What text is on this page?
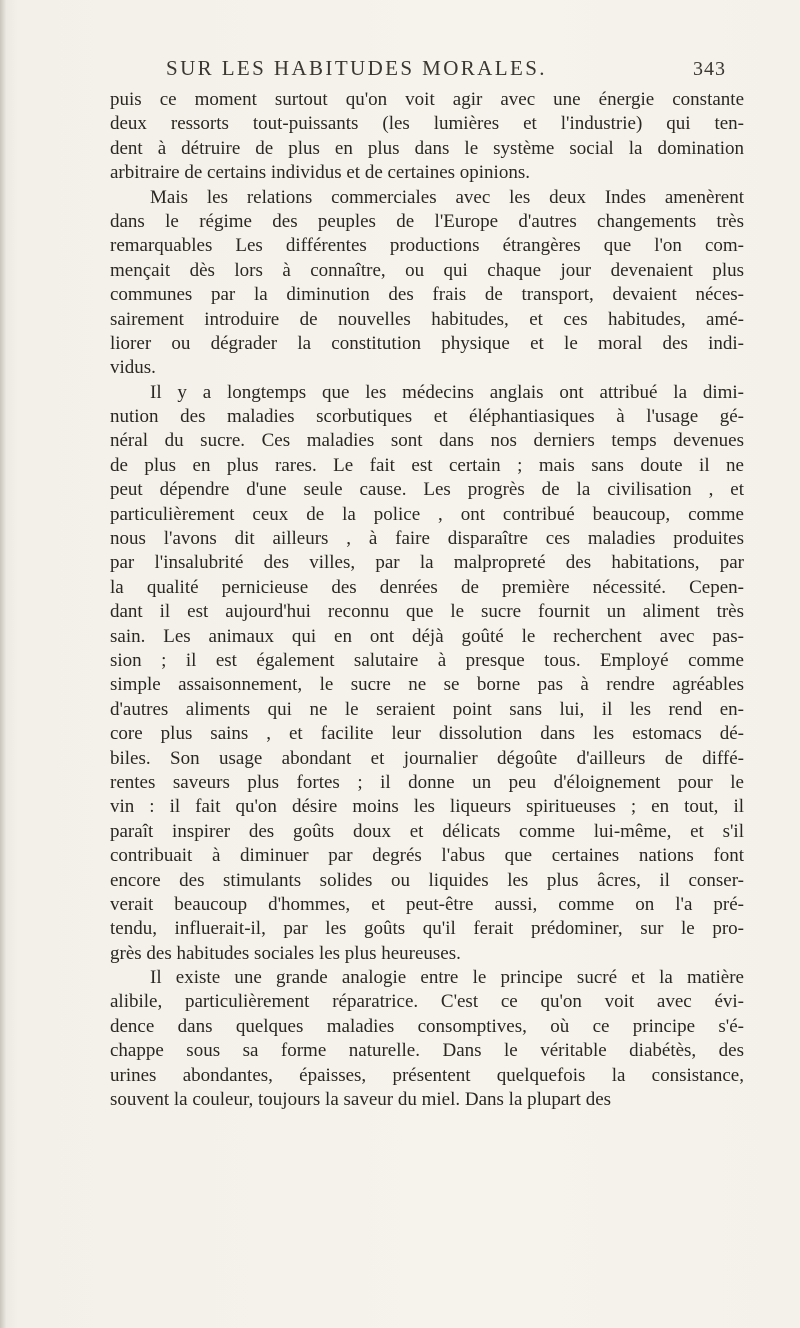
SUR LES HABITUDES MORALES.	343
puis ce moment surtout qu'on voit agir avec une énergie constante
deux ressorts tout-puissants (les lumières et l'industrie) qui ten-
dent à détruire de plus en plus dans le système social la domination
arbitraire de certains individus et de certaines opinions.
Mais les relations commerciales avec les deux Indes amenèrent
dans le régime des peuples de l'Europe d'autres changements très
remarquables Les différentes productions étrangères que l'on com-
mençait dès lors à connaître, ou qui chaque jour devenaient plus
communes par la diminution des frais de transport, devaient néces-
sairement introduire de nouvelles habitudes, et ces habitudes, amé-
liorer ou dégrader la constitution physique et le moral des indi-
vidus.
Il y a longtemps que les médecins anglais ont attribué la dimi-
nution des maladies scorbutiques et éléphantiasiques à l'usage gé-
néral du sucre. Ces maladies sont dans nos derniers temps devenues
de plus en plus rares. Le fait est certain ; mais sans doute il ne
peut dépendre d'une seule cause. Les progrès de la civilisation , et
particulièrement ceux de la police , ont contribué beaucoup, comme
nous l'avons dit ailleurs , à faire disparaître ces maladies produites
par l'insalubrité des villes, par la malpropreté des habitations, par
la qualité pernicieuse des denrées de première nécessité. Cepen-
dant il est aujourd'hui reconnu que le sucre fournit un aliment très
sain. Les animaux qui en ont déjà goûté le recherchent avec pas-
sion ; il est également salutaire à presque tous. Employé comme
simple assaisonnement, le sucre ne se borne pas à rendre agréables
d'autres aliments qui ne le seraient point sans lui, il les rend en-
core plus sains , et facilite leur dissolution dans les estomacs dé-
biles. Son usage abondant et journalier dégoûte d'ailleurs de diffé-
rentes saveurs plus fortes ; il donne un peu d'éloignement pour le
vin : il fait qu'on désire moins les liqueurs spiritueuses ; en tout, il
paraît inspirer des goûts doux et délicats comme lui-même, et s'il
contribuait à diminuer par degrés l'abus que certaines nations font
encore des stimulants solides ou liquides les plus âcres, il conser-
verait beaucoup d'hommes, et peut-être aussi, comme on l'a pré-
tendu, influerait-il, par les goûts qu'il ferait prédominer, sur le pro-
grès des habitudes sociales les plus heureuses.
Il existe une grande analogie entre le principe sucré et la matière
alibile, particulièrement réparatrice. C'est ce qu'on voit avec évi-
dence dans quelques maladies consomptives, où ce principe s'é-
chappe sous sa forme naturelle. Dans le véritable diabétès, des
urines abondantes, épaisses, présentent quelquefois la consistance,
souvent la couleur, toujours la saveur du miel. Dans la plupart des
